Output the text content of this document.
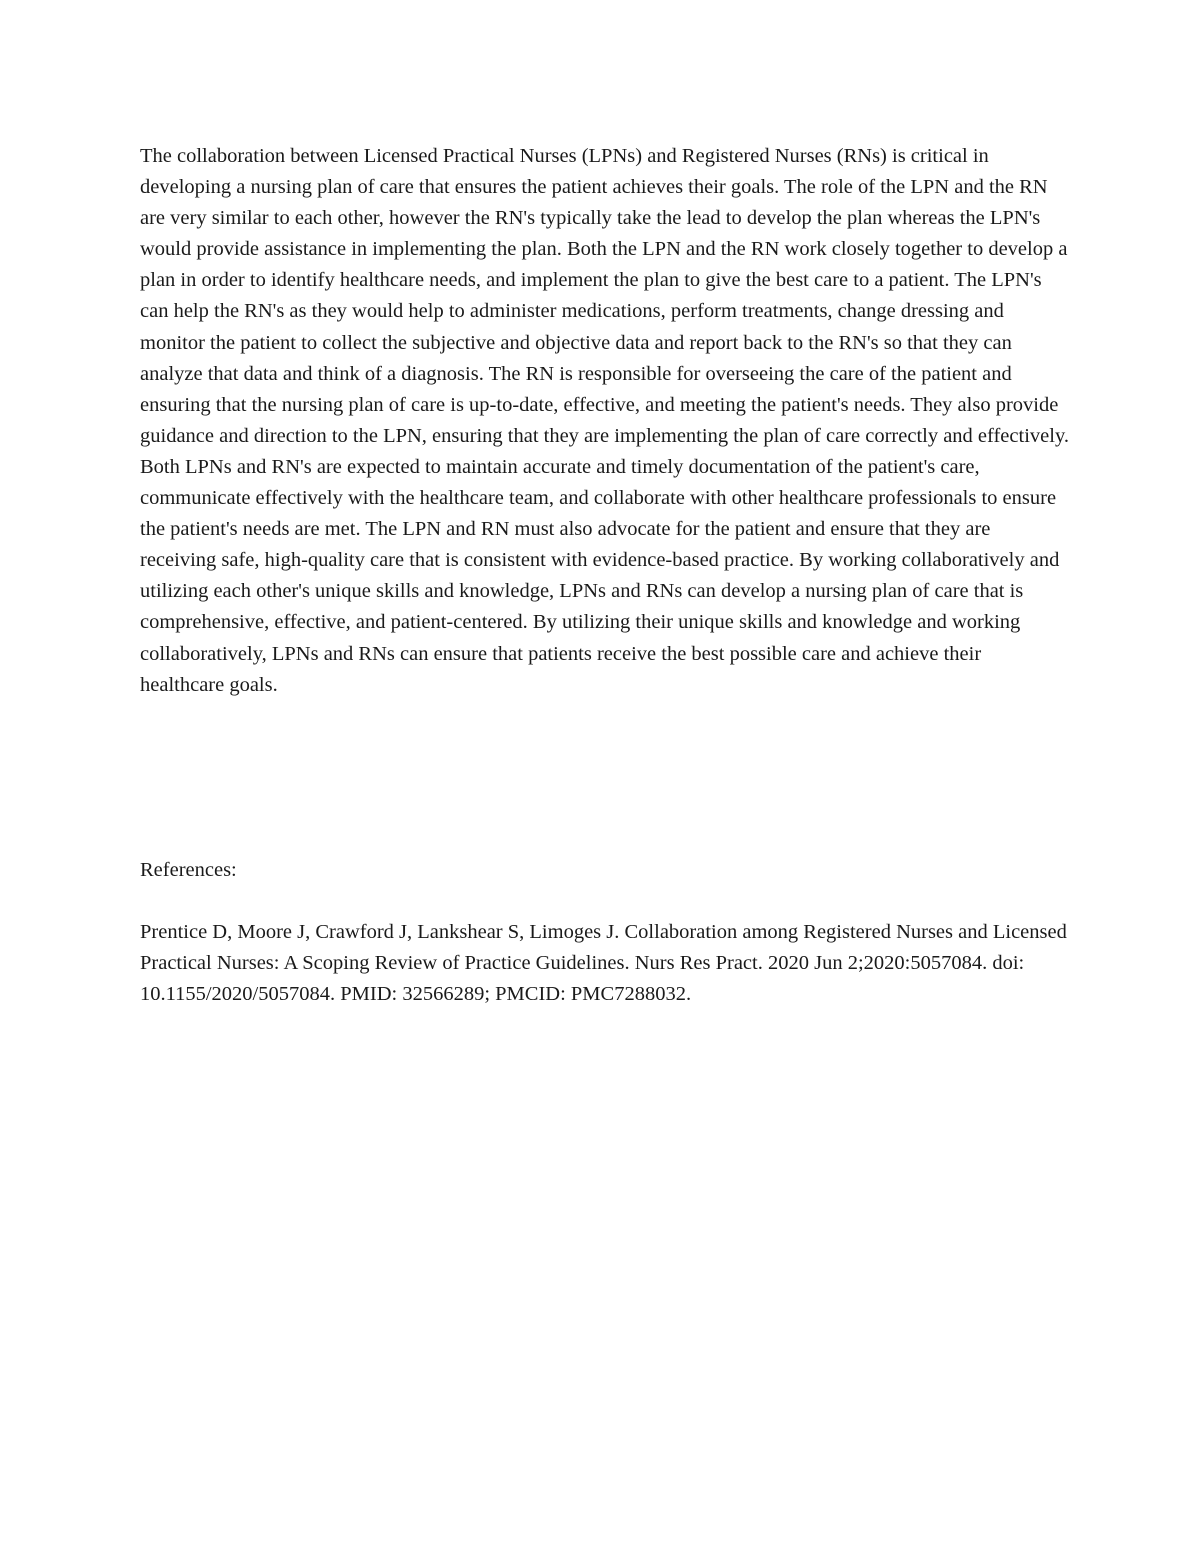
The collaboration between Licensed Practical Nurses (LPNs) and Registered Nurses (RNs) is critical in developing a nursing plan of care that ensures the patient achieves their goals. The role of the LPN and the RN are very similar to each other, however the RN's typically take the lead to develop the plan whereas the LPN's would provide assistance in implementing the plan. Both the LPN and the RN work closely together to develop a plan in order to identify healthcare needs, and implement the plan to give the best care to a patient. The LPN's can help the RN's as they would help to administer medications, perform treatments, change dressing and monitor the patient to collect the subjective and objective data and report back to the RN's so that they can analyze that data and think of a diagnosis. The RN is responsible for overseeing the care of the patient and ensuring that the nursing plan of care is up-to-date, effective, and meeting the patient's needs. They also provide guidance and direction to the LPN, ensuring that they are implementing the plan of care correctly and effectively. Both LPNs and RN's are expected to maintain accurate and timely documentation of the patient's care, communicate effectively with the healthcare team, and collaborate with other healthcare professionals to ensure the patient's needs are met. The LPN and RN must also advocate for the patient and ensure that they are receiving safe, high-quality care that is consistent with evidence-based practice. By working collaboratively and utilizing each other's unique skills and knowledge, LPNs and RNs can develop a nursing plan of care that is comprehensive, effective, and patient-centered. By utilizing their unique skills and knowledge and working collaboratively, LPNs and RNs can ensure that patients receive the best possible care and achieve their healthcare goals.

References:

Prentice D, Moore J, Crawford J, Lankshear S, Limoges J. Collaboration among Registered Nurses and Licensed Practical Nurses: A Scoping Review of Practice Guidelines. Nurs Res Pract. 2020 Jun 2;2020:5057084. doi: 10.1155/2020/5057084. PMID: 32566289; PMCID: PMC7288032.
